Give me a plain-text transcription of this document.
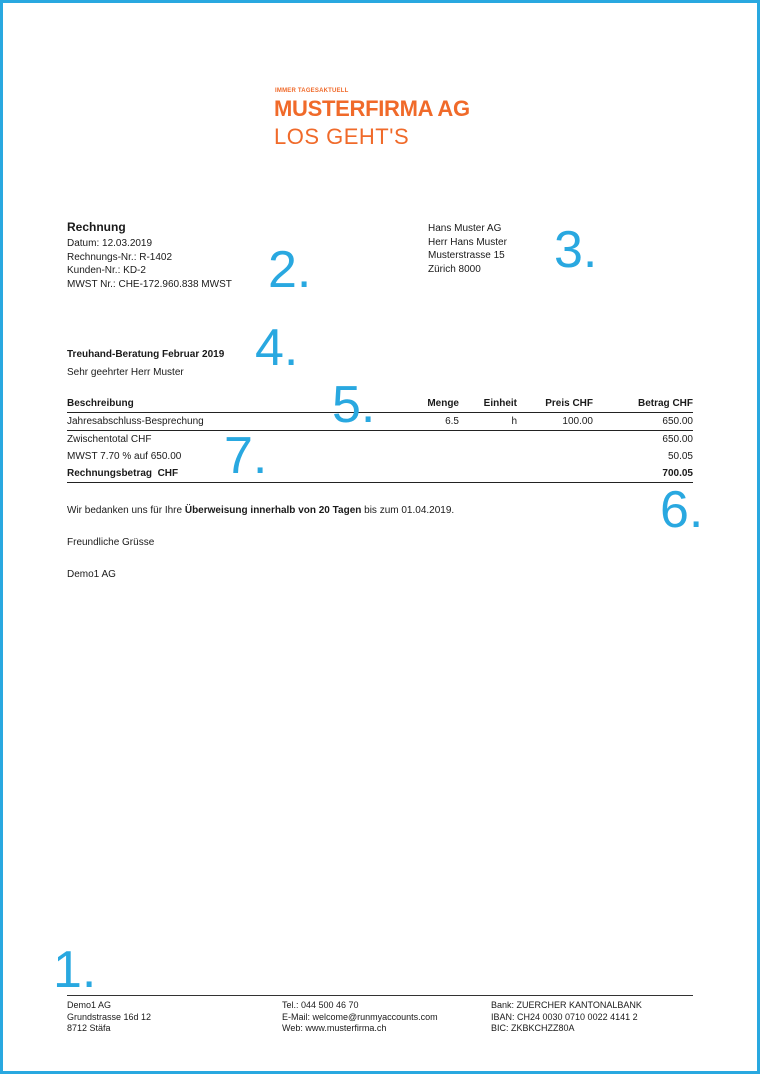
IMMER TAGESAKTUELL
MUSTERFIRMA AG
LOS GEHT'S
Rechnung
Datum: 12.03.2019
Rechnungs-Nr.: R-1402
Kunden-Nr.: KD-2
MWST Nr.: CHE-172.960.838 MWST
Hans Muster AG
Herr Hans Muster
Musterstrasse 15
Zürich 8000
Treuhand-Beratung Februar 2019
Sehr geehrter Herr Muster
Beschreibung	Menge	Einheit	Preis CHF	Betrag CHF
Jahresabschluss-Besprechung	6.5	h	100.00	650.00
Zwischentotal CHF				650.00
MWST 7.70 % auf 650.00				50.05
Rechnungsbetrag  CHF				700.05
Wir bedanken uns für Ihre Überweisung innerhalb von 20 Tagen bis zum 01.04.2019.
Freundliche Grüsse
Demo1 AG
1.
2.	3.
4.
5.
6.
7.
Demo1 AG
Grundstrasse 16d 12
8712 Stäfa
Tel.: 044 500 46 70
E-Mail: welcome@runmyaccounts.com
Web: www.musterfirma.ch
Bank: ZUERCHER KANTONALBANK
IBAN: CH24 0030 0710 0022 4141 2
BIC: ZKBKCHZZ80A
